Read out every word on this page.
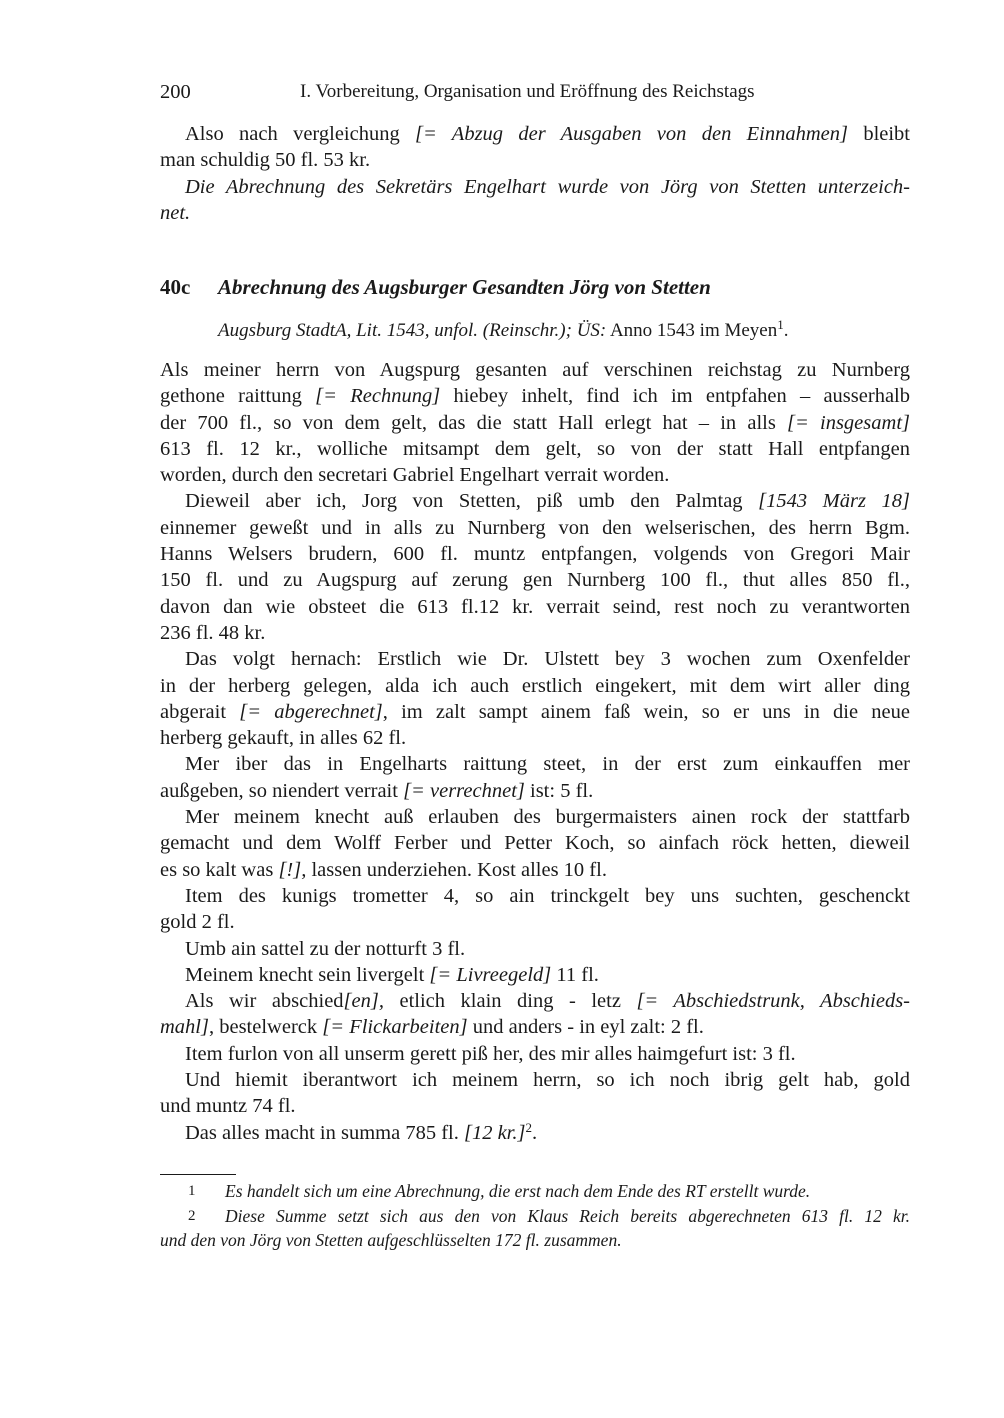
200	I. Vorbereitung, Organisation und Eröffnung des Reichstags
Also nach vergleichung [= Abzug der Ausgaben von den Einnahmen] bleibt
man schuldig 50 fl. 53 kr.
Die Abrechnung des Sekretärs Engelhart wurde von Jörg von Stetten unterzeich-
net.
40c Abrechnung des Augsburger Gesandten Jörg von Stetten
Augsburg StadtA, Lit. 1543, unfol. (Reinschr.); ÜS: Anno 1543 im Meyen$^1$.
Als meiner herrn von Augspurg gesanten auf verschinen reichstag zu Nurnberg
gethone raittung [= Rechnung] hiebey inhelt, find ich im entpfahen – ausserhalb
der 700 fl., so von dem gelt, das die statt Hall erlegt hat – in alls [= insgesamt]
613 fl. 12 kr., wolliche mitsampt dem gelt, so von der statt Hall entpfangen
worden, durch den secretari Gabriel Engelhart verrait worden.
Dieweil aber ich, Jorg von Stetten, piß umb den Palmtag [1543 März 18]
einnemer geweßt und in alls zu Nurnberg von den welserischen, des herrn Bgm.
Hanns Welsers brudern, 600 fl. muntz entpfangen, volgends von Gregori Mair
150 fl. und zu Augspurg auf zerung gen Nurnberg 100 fl., thut alles 850 fl.,
davon dan wie obsteet die 613 fl.12 kr. verrait seind, rest noch zu verantworten
236 fl. 48 kr.
Das volgt hernach: Erstlich wie Dr. Ulstett bey 3 wochen zum Oxenfelder
in der herberg gelegen, alda ich auch erstlich eingekert, mit dem wirt aller ding
abgerait [= abgerechnet], im zalt sampt ainem faß wein, so er uns in die neue
herberg gekauft, in alles 62 fl.
Mer iber das in Engelharts raittung steet, in der erst zum einkauffen mer
außgeben, so niendert verrait [= verrechnet] ist: 5 fl.
Mer meinem knecht auß erlauben des burgermaisters ainen rock der stattfarb
gemacht und dem Wolff Ferber und Petter Koch, so ainfach röck hetten, dieweil
es so kalt was [!], lassen underziehen. Kost alles 10 fl.
Item des kunigs trometter 4, so ain trinckgelt bey uns suchten, geschenckt
gold 2 fl.
Umb ain sattel zu der notturft 3 fl.
Meinem knecht sein livergelt [= Livreegeld] 11 fl.
Als wir abschied[en], etlich klain ding - letz [= Abschiedstrunk, Abschieds-
mahl], bestelwerck [= Flickarbeiten] und anders - in eyl zalt: 2 fl.
Item furlon von all unserm gerett piß her, des mir alles haimgefurt ist: 3 fl.
Und hiemit iberantwort ich meinem herrn, so ich noch ibrig gelt hab, gold
und muntz 74 fl.
Das alles macht in summa 785 fl. [12 kr.]$^2$.
1 Es handelt sich um eine Abrechnung, die erst nach dem Ende des RT erstellt wurde.
2 Diese Summe setzt sich aus den von Klaus Reich bereits abgerechneten 613 fl. 12 kr.
und den von Jörg von Stetten aufgeschlüsselten 172 fl. zusammen.
